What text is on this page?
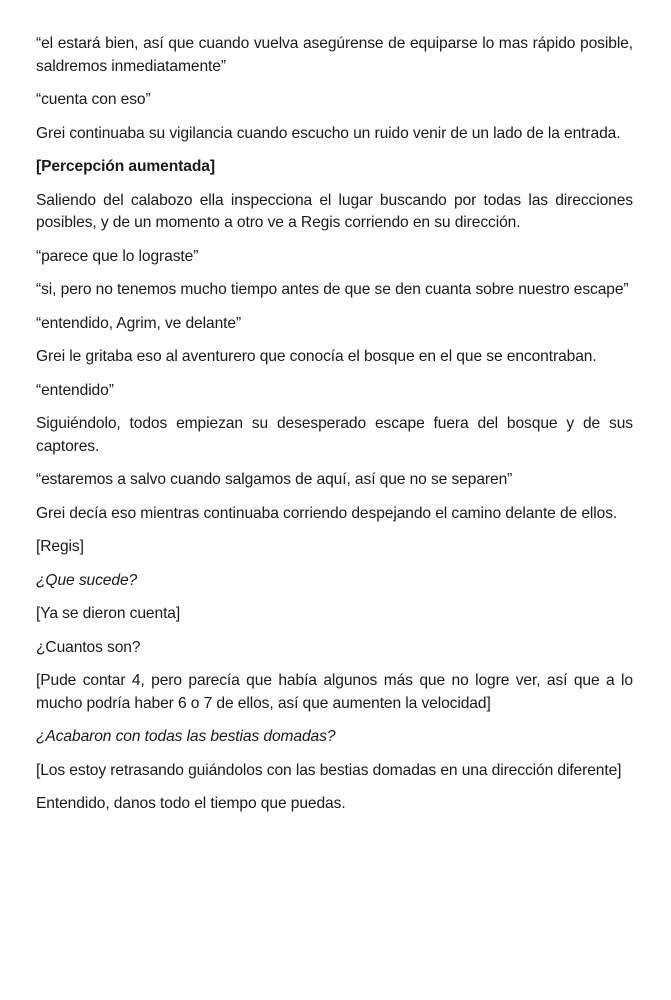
“el estará bien, así que cuando vuelva asegúrense de equiparse lo mas rápido posible, saldremos inmediatamente”

“cuenta con eso”

Grei continuaba su vigilancia cuando escucho un ruido venir de un lado de la entrada.

[Percepción aumentada]

Saliendo del calabozo ella inspecciona el lugar buscando por todas las direcciones posibles, y de un momento a otro ve a Regis corriendo en su dirección.

“parece que lo lograste”

“si, pero no tenemos mucho tiempo antes de que se den cuanta sobre nuestro escape”

“entendido, Agrim, ve delante”

Grei le gritaba eso al aventurero que conocía el bosque en el que se encontraban.

“entendido”

Siguiéndolo, todos empiezan su desesperado escape fuera del bosque y de sus captores.

“estaremos a salvo cuando salgamos de aquí, así que no se separen”

Grei decía eso mientras continuaba corriendo despejando el camino delante de ellos.

[Regis]

¿Que sucede?

[Ya se dieron cuenta]

¿Cuantos son?

[Pude contar 4, pero parecía que había algunos más que no logre ver, así que a lo mucho podría haber 6 o 7 de ellos, así que aumenten la velocidad]

¿Acabaron con todas las bestias domadas?

[Los estoy retrasando guiándolos con las bestias domadas en una dirección diferente]

Entendido, danos todo el tiempo que puedas.
